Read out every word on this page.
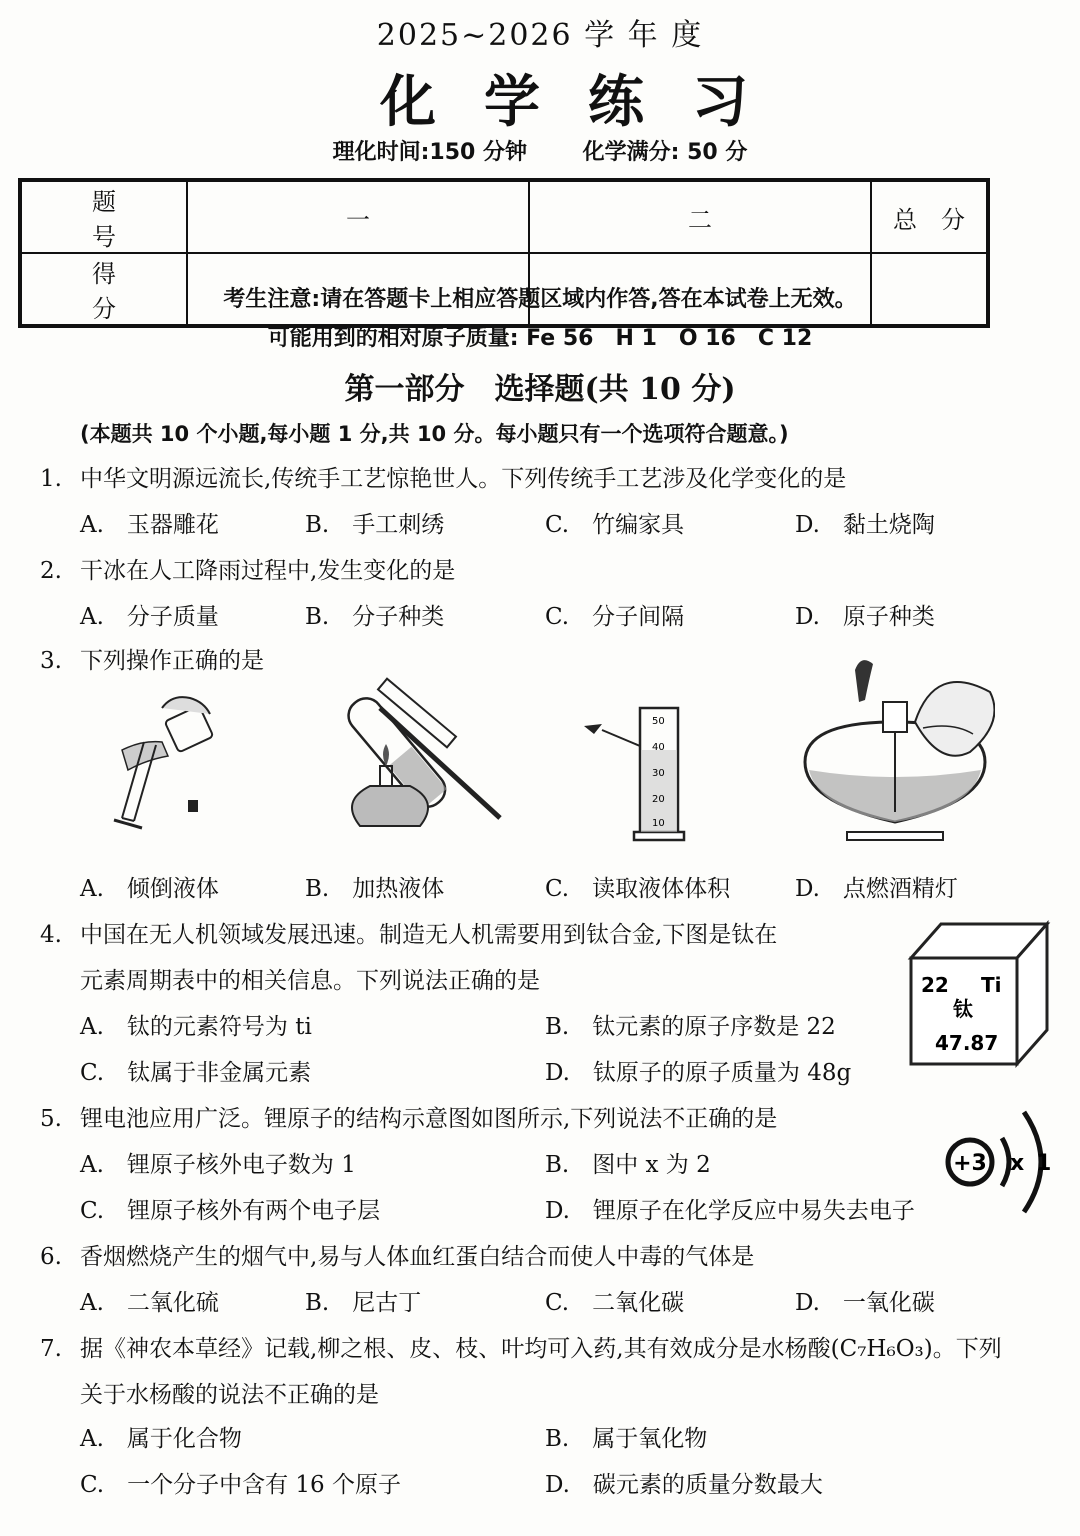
2025~2026 学 年 度
化学练习
理化时间:150 分钟	化学满分: 50 分
题　号	一	二	总　分
得　分				考生注意:请在答题卡上相应答题区域内作答,答在本试卷上无效。
可能用到的相对原子质量: Fe 56　H 1　O 16　C 12
第一部分　选择题(共 10 分)
(本题共 10 个小题,每小题 1 分,共 10 分。每小题只有一个选项符合题意。)
1. 中华文明源远流长,传统手工艺惊艳世人。下列传统手工艺涉及化学变化的是
A.　玉器雕花	B.　手工刺绣	C.　竹编家具	D.　黏土烧陶
2. 干冰在人工降雨过程中,发生变化的是
A.　分子质量	B.　分子种类	C.　分子间隔	D.　原子种类
3. 下列操作正确的是
50
40
30
20
10
A.　倾倒液体	B.　加热液体	C.　读取液体体积	D.　点燃酒精灯
4. 中国在无人机领域发展迅速。制造无人机需要用到钛合金,下图是钛在
元素周期表中的相关信息。下列说法正确的是
A.　钛的元素符号为 ti	B.　钛元素的原子序数是 22
C.　钛属于非金属元素	D.　钛原子的原子质量为 48g
22 Ti
钛
47.87
5. 锂电池应用广泛。锂原子的结构示意图如图所示,下列说法不正确的是
A.　锂原子核外电子数为 1	B.　图中 x 为 2
C.　锂原子核外有两个电子层	D.　锂原子在化学反应中易失去电子
+3 x 1
6. 香烟燃烧产生的烟气中,易与人体血红蛋白结合而使人中毒的气体是
A.　二氧化硫	B.　尼古丁	C.　二氧化碳	D.　一氧化碳
7. 据《神农本草经》记载,柳之根、皮、枝、叶均可入药,其有效成分是水杨酸(C₇H₆O₃)。下列
关于水杨酸的说法不正确的是
A.　属于化合物	B.　属于氧化物
C.　一个分子中含有 16 个原子	D.　碳元素的质量分数最大
